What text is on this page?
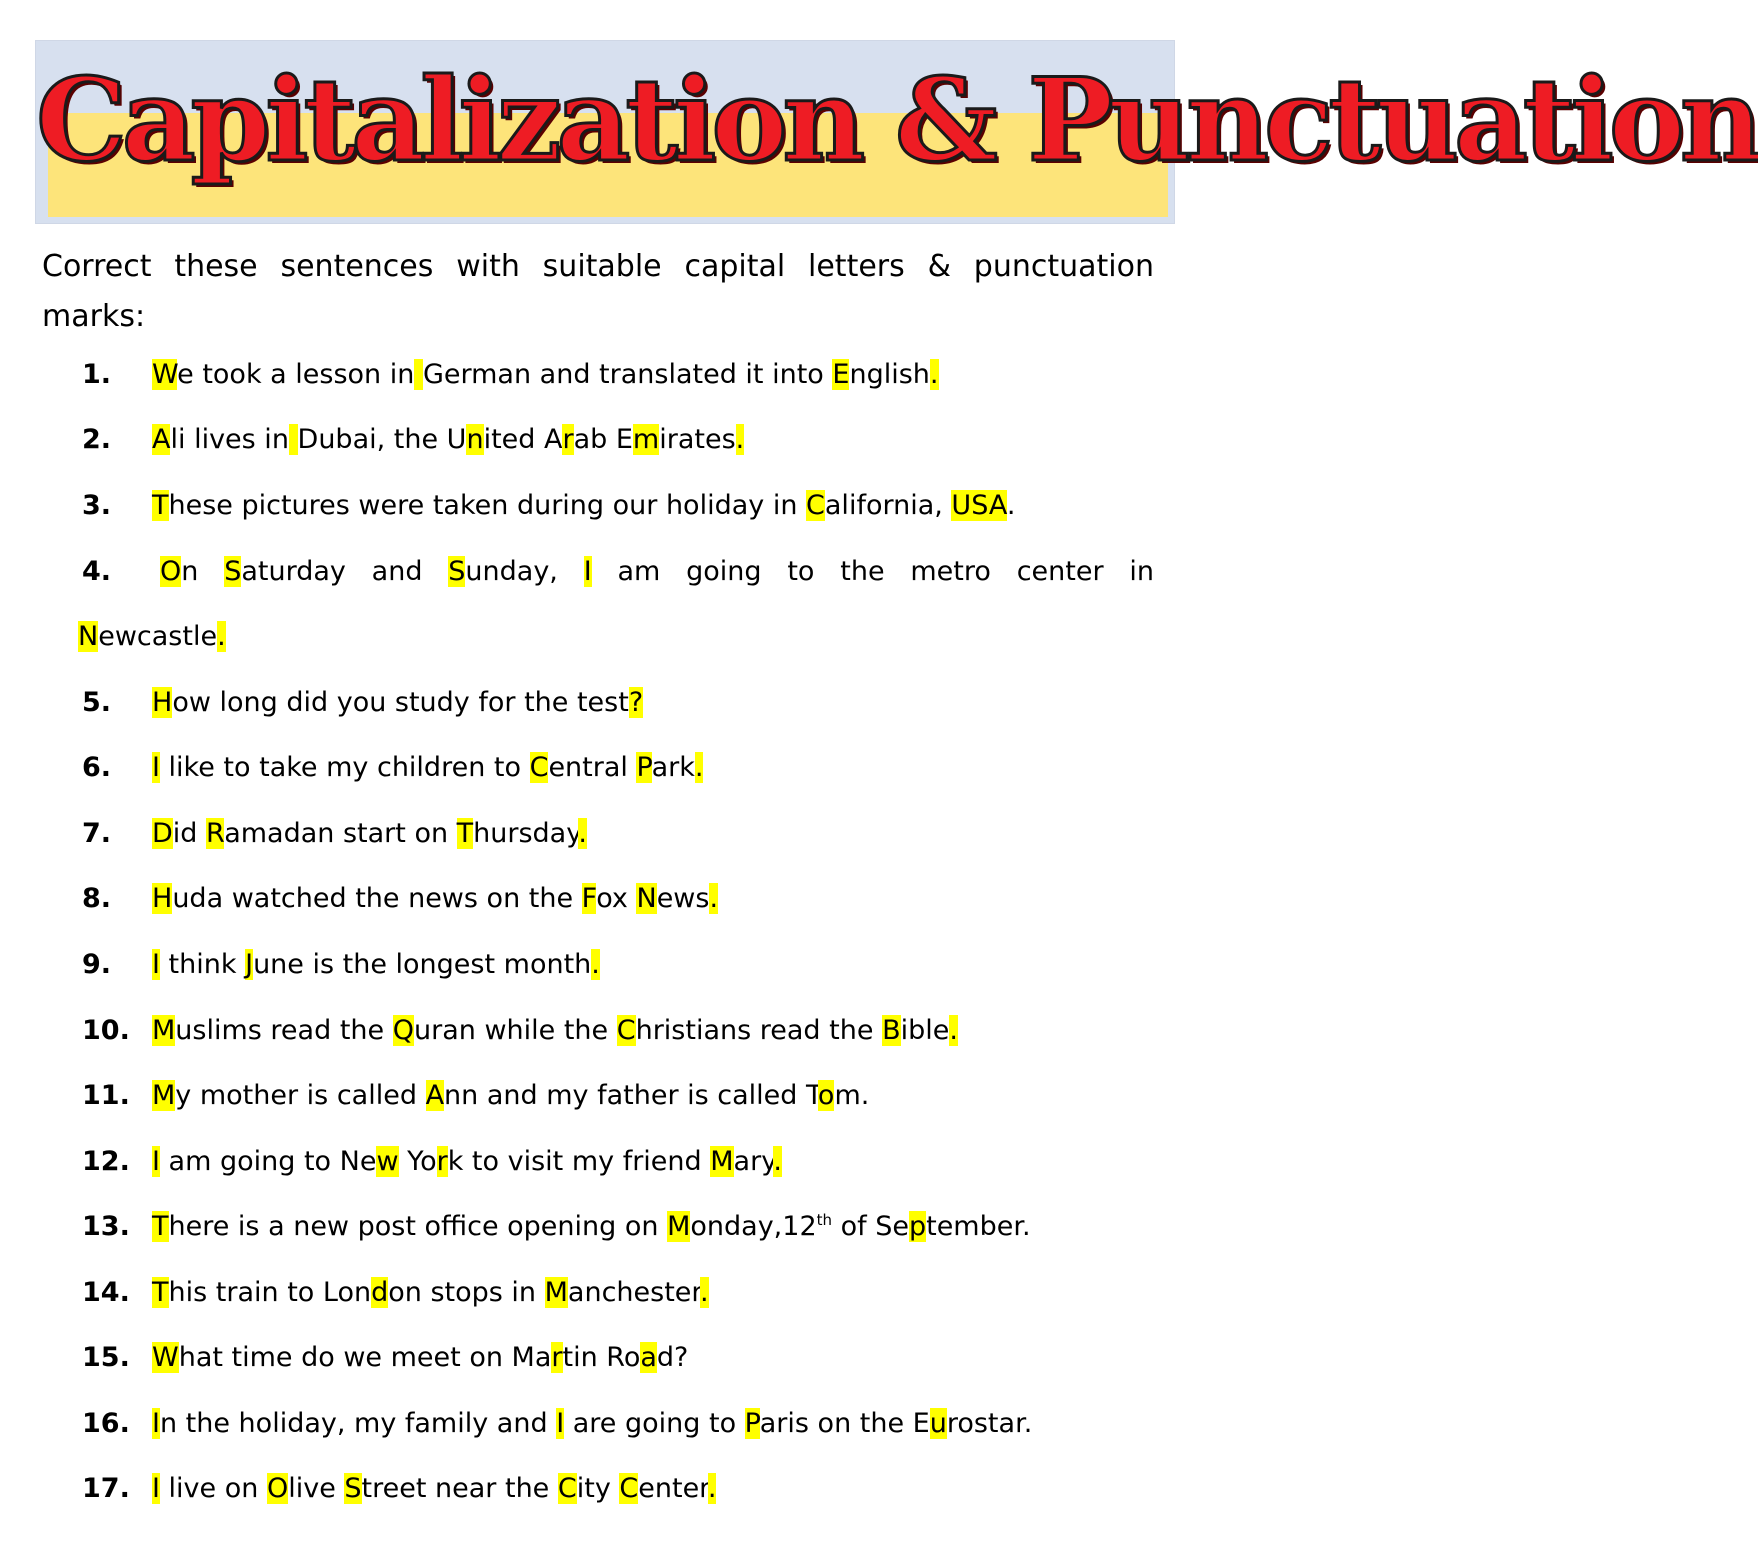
Capitalization & Punctuation

Correct these sentences with suitable capital letters & punctuation marks:

1. We took a lesson in German and translated it into English.
2. Ali lives in Dubai, the United Arab Emirates.
3. These pictures were taken during our holiday in California, USA.
4. On Saturday and Sunday, I am going to the metro center in
Newcastle.
5. How long did you study for the test?
6. I like to take my children to Central Park.
7. Did Ramadan start on Thursday.
8. Huda watched the news on the Fox News.
9. I think June is the longest month.
10. Muslims read the Quran while the Christians read the Bible.
11. My mother is called Ann and my father is called Tom.
12. I am going to New York to visit my friend Mary.
13. There is a new post office opening on Monday,12th of September.
14. This train to London stops in Manchester.
15. What time do we meet on Martin Road?
16. In the holiday, my family and I are going to Paris on the Eurostar.
17. I live on Olive Street near the City Center.
